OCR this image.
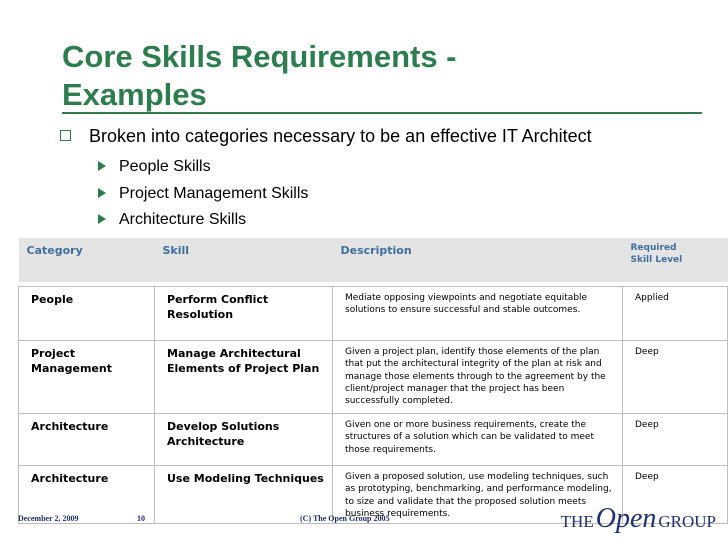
Core Skills Requirements -
Examples
Broken into categories necessary to be an effective IT Architect
People Skills
Project Management Skills
Architecture Skills
Category	Skill	Description	Required
Skill Level

People	Perform Conflict Resolution	Mediate opposing viewpoints and negotiate equitable solutions to ensure successful and stable outcomes.	Applied
Project Management	Manage Architectural Elements of Project Plan	Given a project plan, identify those elements of the plan that put the architectural integrity of the plan at risk and manage those elements through to the agreement by the client/project manager that the project has been successfully completed.	Deep
Architecture	Develop Solutions Architecture	Given one or more business requirements, create the structures of a solution which can be validated to meet those requirements.	Deep
Architecture	Use Modeling Techniques	Given a proposed solution, use modeling techniques, such as prototyping, benchmarking, and performance modeling, to size and validate that the proposed solution meets business requirements.	Deep
December 2, 2009	10	(C) The Open Group 2005	THEOpen GROUP
